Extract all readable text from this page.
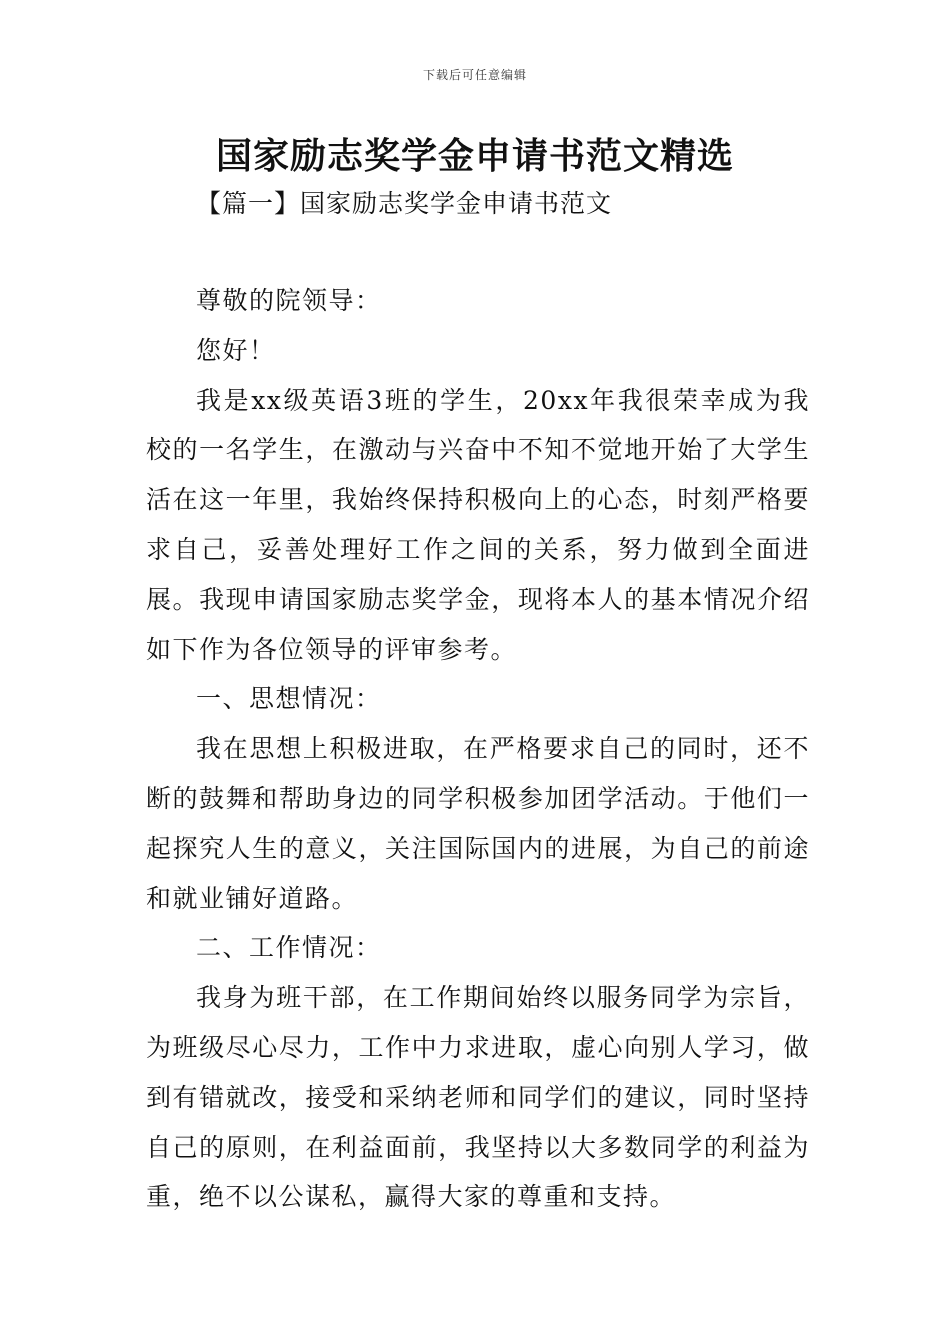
下载后可任意编辑
国家励志奖学金申请书范文精选
【篇一】国家励志奖学金申请书范文

尊敬的院领导：

您好！

我是xx级英语3班的学生，20xx年我很荣幸成为我校的一名学生，在激动与兴奋中不知不觉地开始了大学生活在这一年里，我始终保持积极向上的心态，时刻严格要求自己，妥善处理好工作之间的关系，努力做到全面进展。我现申请国家励志奖学金，现将本人的基本情况介绍如下作为各位领导的评审参考。

一、思想情况：

我在思想上积极进取，在严格要求自己的同时，还不断的鼓舞和帮助身边的同学积极参加团学活动。于他们一起探究人生的意义，关注国际国内的进展，为自己的前途和就业铺好道路。

二、工作情况：

我身为班干部，在工作期间始终以服务同学为宗旨，为班级尽心尽力，工作中力求进取，虚心向别人学习，做到有错就改，接受和采纳老师和同学们的建议，同时坚持自己的原则，在利益面前，我坚持以大多数同学的利益为重，绝不以公谋私，赢得大家的尊重和支持。
